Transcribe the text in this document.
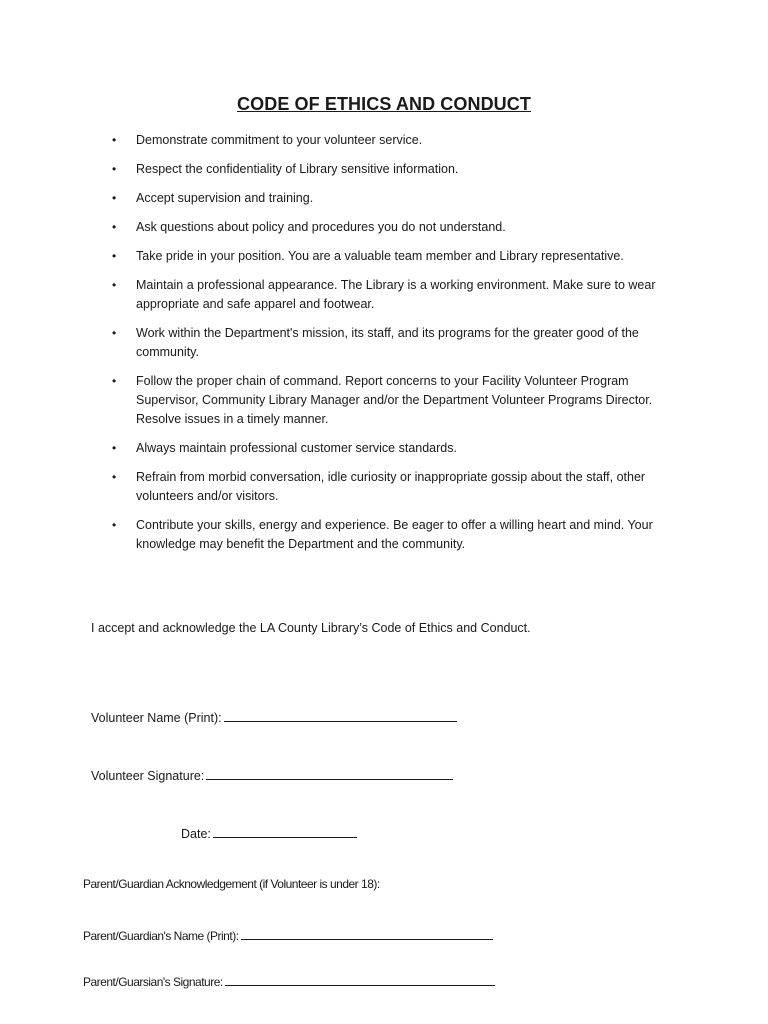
CODE OF ETHICS AND CONDUCT
• Demonstrate commitment to your volunteer service.
• Respect the confidentiality of Library sensitive information.
• Accept supervision and training.
• Ask questions about policy and procedures you do not understand.
• Take pride in your position. You are a valuable team member and Library representative.
• Maintain a professional appearance. The Library is a working environment. Make sure to wear appropriate and safe apparel and footwear.
• Work within the Department's mission, its staff, and its programs for the greater good of the community.
• Follow the proper chain of command. Report concerns to your Facility Volunteer Program Supervisor, Community Library Manager and/or the Department Volunteer Programs Director. Resolve issues in a timely manner.
• Always maintain professional customer service standards.
• Refrain from morbid conversation, idle curiosity or inappropriate gossip about the staff, other volunteers and/or visitors.
• Contribute your skills, energy and experience. Be eager to offer a willing heart and mind. Your knowledge may benefit the Department and the community.
I accept and acknowledge the LA County Library’s Code of Ethics and Conduct.
Volunteer Name (Print):
Volunteer Signature:
Date:
Parent/Guardian Acknowledgement (if Volunteer is under 18):
Parent/Guardian's Name (Print):
Parent/Guarsian's Signature:
